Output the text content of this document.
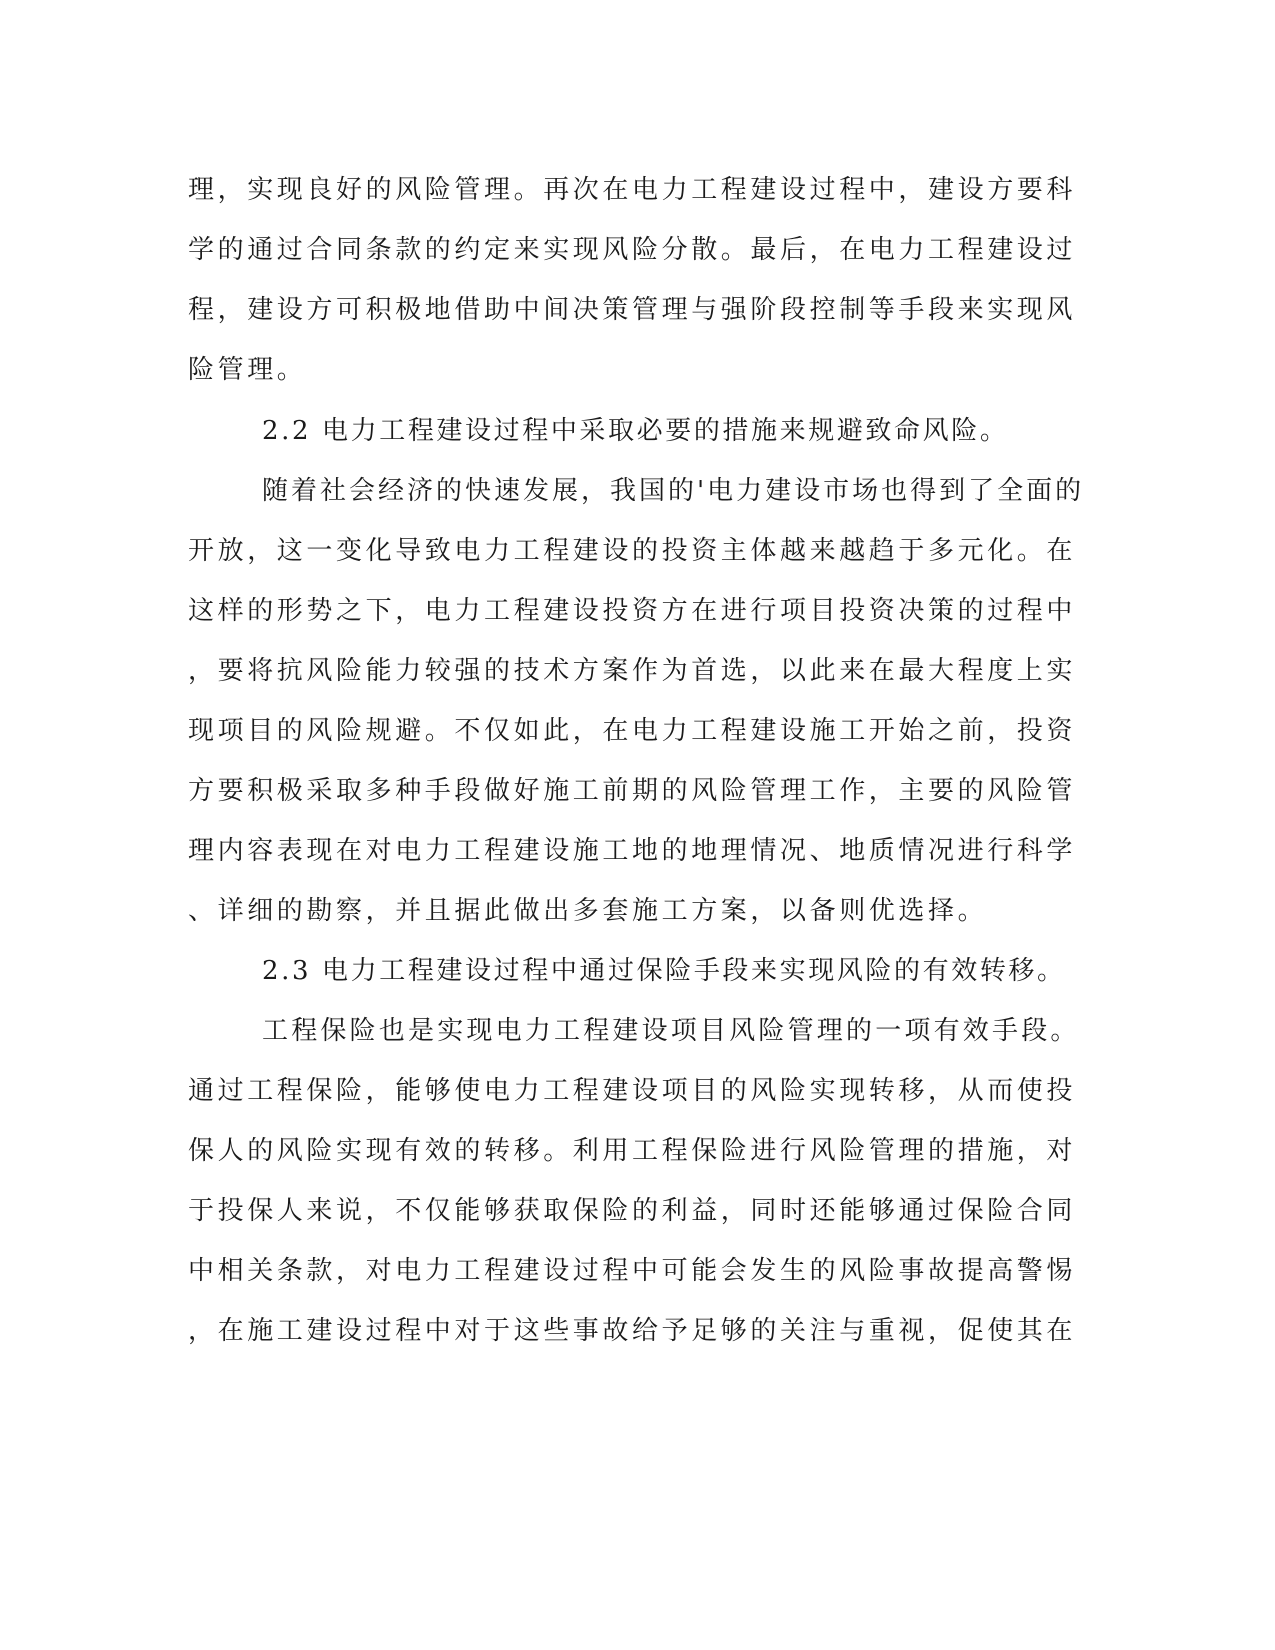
理，实现良好的风险管理。再次在电力工程建设过程中，建设方要科
学的通过合同条款的约定来实现风险分散。最后，在电力工程建设过
程，建设方可积极地借助中间决策管理与强阶段控制等手段来实现风
险管理。
2.2 电力工程建设过程中采取必要的措施来规避致命风险。
随着社会经济的快速发展，我国的'电力建设市场也得到了全面的
开放，这一变化导致电力工程建设的投资主体越来越趋于多元化。在
这样的形势之下，电力工程建设投资方在进行项目投资决策的过程中
，要将抗风险能力较强的技术方案作为首选，以此来在最大程度上实
现项目的风险规避。不仅如此，在电力工程建设施工开始之前，投资
方要积极采取多种手段做好施工前期的风险管理工作，主要的风险管
理内容表现在对电力工程建设施工地的地理情况、地质情况进行科学
、详细的勘察，并且据此做出多套施工方案，以备则优选择。
2.3 电力工程建设过程中通过保险手段来实现风险的有效转移。
工程保险也是实现电力工程建设项目风险管理的一项有效手段。
通过工程保险，能够使电力工程建设项目的风险实现转移，从而使投
保人的风险实现有效的转移。利用工程保险进行风险管理的措施，对
于投保人来说，不仅能够获取保险的利益，同时还能够通过保险合同
中相关条款，对电力工程建设过程中可能会发生的风险事故提高警惕
，在施工建设过程中对于这些事故给予足够的关注与重视，促使其在
